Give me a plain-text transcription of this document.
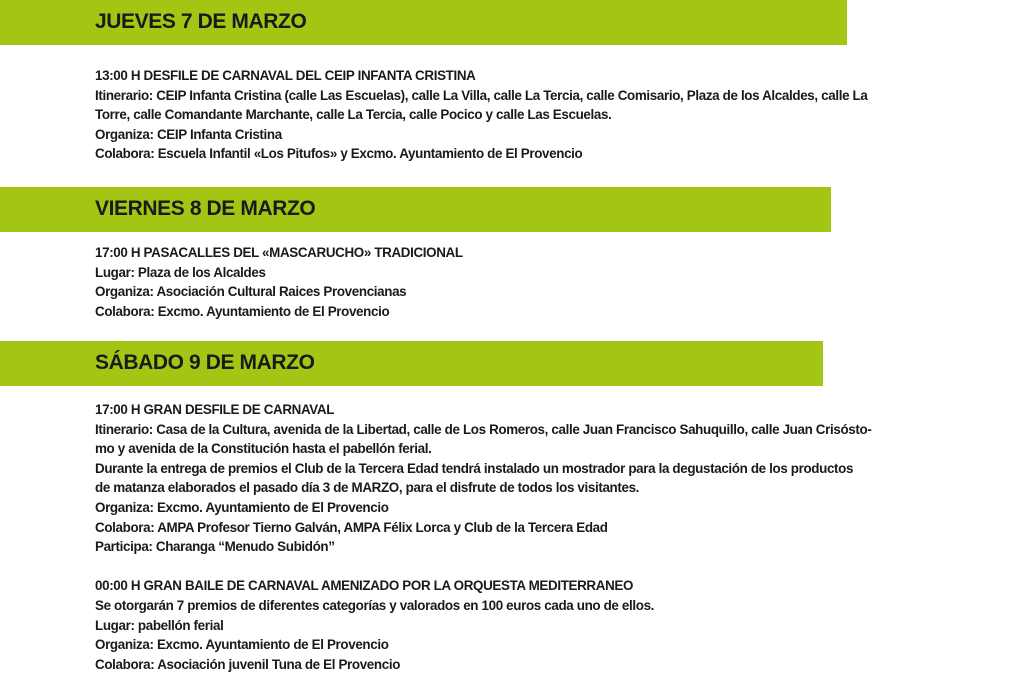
JUEVES 7 DE MARZO
13:00 H DESFILE DE CARNAVAL DEL CEIP INFANTA CRISTINA
Itinerario: CEIP Infanta Cristina (calle Las Escuelas), calle La Villa, calle La Tercia, calle Comisario, Plaza de los Alcaldes, calle La
Torre, calle Comandante Marchante, calle La Tercia, calle Pocico y calle Las Escuelas.
Organiza: CEIP Infanta Cristina
Colabora: Escuela Infantil «Los Pitufos» y Excmo. Ayuntamiento de El Provencio
VIERNES 8 DE MARZO
17:00 H PASACALLES DEL «MASCARUCHO» TRADICIONAL
Lugar: Plaza de los Alcaldes
Organiza: Asociación Cultural Raices Provencianas
Colabora: Excmo. Ayuntamiento de El Provencio
SÁBADO 9 DE MARZO
17:00 H GRAN DESFILE DE CARNAVAL
Itinerario: Casa de la Cultura, avenida de la Libertad, calle de Los Romeros, calle Juan Francisco Sahuquillo, calle Juan Crisósto-
mo y avenida de la Constitución hasta el pabellón ferial.
Durante la entrega de premios el Club de la Tercera Edad tendrá instalado un mostrador para la degustación de los productos
de matanza elaborados el pasado día 3 de MARZO, para el disfrute de todos los visitantes.
Organiza: Excmo. Ayuntamiento de El Provencio
Colabora: AMPA Profesor Tierno Galván, AMPA Félix Lorca y Club de la Tercera Edad
Participa: Charanga “Menudo Subidón”
00:00 H GRAN BAILE DE CARNAVAL AMENIZADO POR LA ORQUESTA MEDITERRANEO
Se otorgarán 7 premios de diferentes categorías y valorados en 100 euros cada uno de ellos.
Lugar: pabellón ferial
Organiza: Excmo. Ayuntamiento de El Provencio
Colabora: Asociación juvenil Tuna de El Provencio
